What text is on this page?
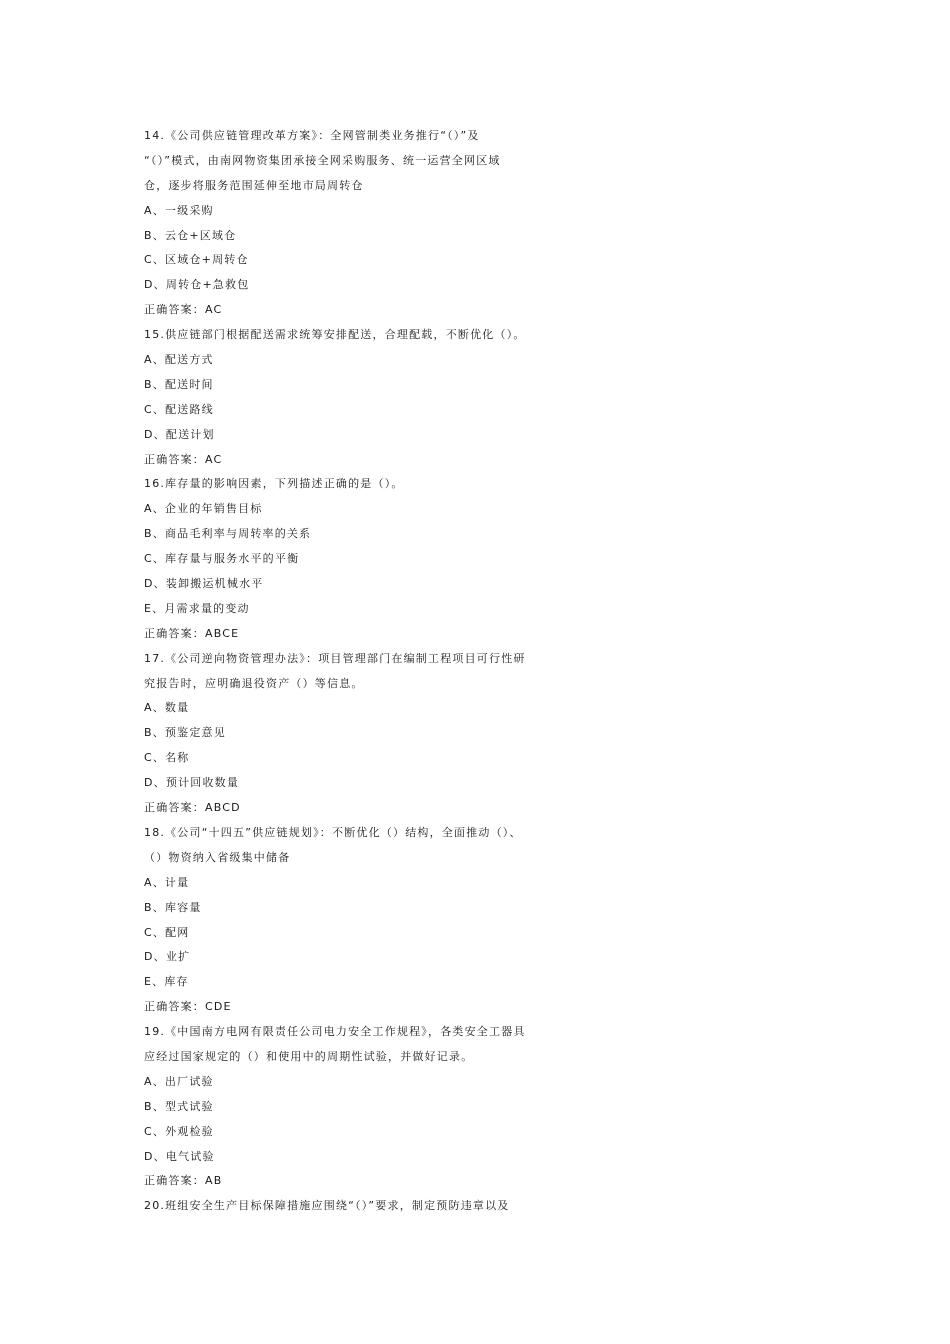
14.《公司供应链管理改革方案》：全网管制类业务推行“（）”及
“（）”模式，由南网物资集团承接全网采购服务、统一运营全网区域
仓，逐步将服务范围延伸至地市局周转仓
A、一级采购
B、云仓+区域仓
C、区域仓+周转仓
D、周转仓+急救包
正确答案：AC
15.供应链部门根据配送需求统筹安排配送，合理配载，不断优化（）。
A、配送方式
B、配送时间
C、配送路线
D、配送计划
正确答案：AC
16.库存量的影响因素，下列描述正确的是（）。
A、企业的年销售目标
B、商品毛利率与周转率的关系
C、库存量与服务水平的平衡
D、装卸搬运机械水平
E、月需求量的变动
正确答案：ABCE
17.《公司逆向物资管理办法》：项目管理部门在编制工程项目可行性研
究报告时，应明确退役资产（）等信息。
A、数量
B、预鉴定意见
C、名称
D、预计回收数量
正确答案：ABCD
18.《公司“十四五”供应链规划》：不断优化（）结构，全面推动（）、
（）物资纳入省级集中储备
A、计量
B、库容量
C、配网
D、业扩
E、库存
正确答案：CDE
19.《中国南方电网有限责任公司电力安全工作规程》，各类安全工器具
应经过国家规定的（）和使用中的周期性试验，并做好记录。
A、出厂试验
B、型式试验
C、外观检验
D、电气试验
正确答案：AB
20.班组安全生产目标保障措施应围绕“（）”要求，制定预防违章以及
